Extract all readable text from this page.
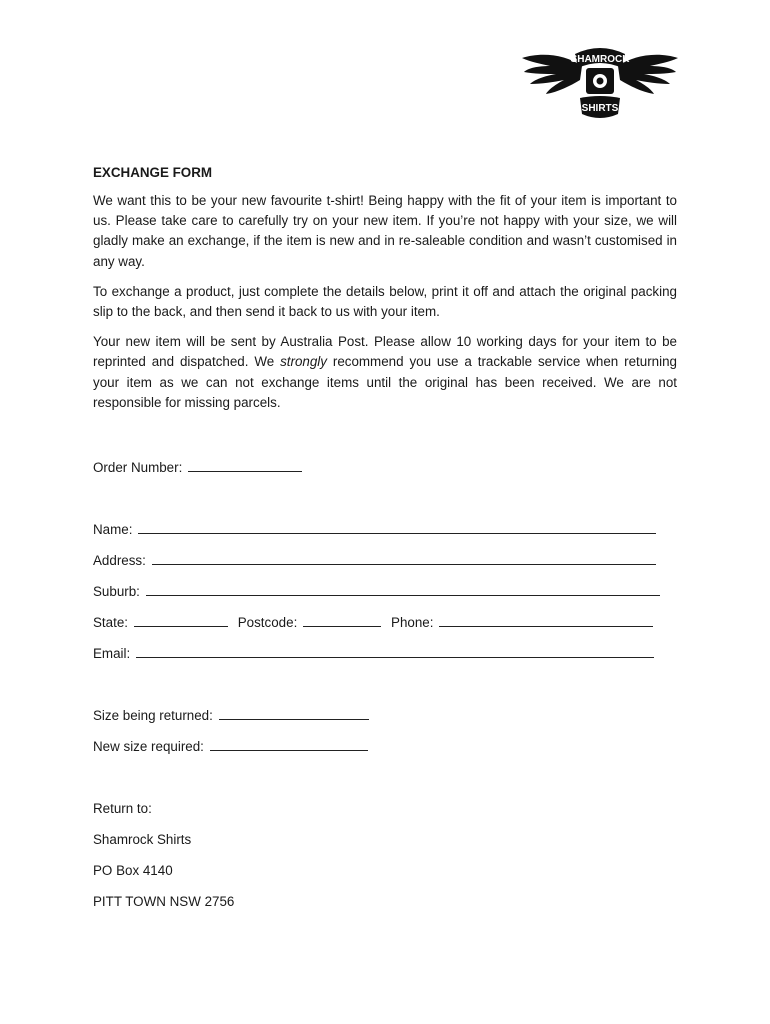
SHAMROCK
SHIRTS
EXCHANGE FORM

We want this to be your new favourite t-shirt! Being happy with the fit of your item is important to us. Please take care to carefully try on your new item. If you’re not happy with your size, we will gladly make an exchange, if the item is new and in re-saleable condition and wasn’t customised in any way.

To exchange a product, just complete the details below, print it off and attach the original packing slip to the back, and then send it back to us with your item.

Your new item will be sent by Australia Post. Please allow 10 working days for your item to be reprinted and dispatched. We strongly recommend you use a trackable service when returning your item as we can not exchange items until the original has been received. We are not responsible for missing parcels.

Order Number:
Name:
Address:
Suburb:
State:	Postcode:	Phone:
Email:
Size being returned:
New size required:
Return to:
Shamrock Shirts
PO Box 4140
PITT TOWN NSW 2756
